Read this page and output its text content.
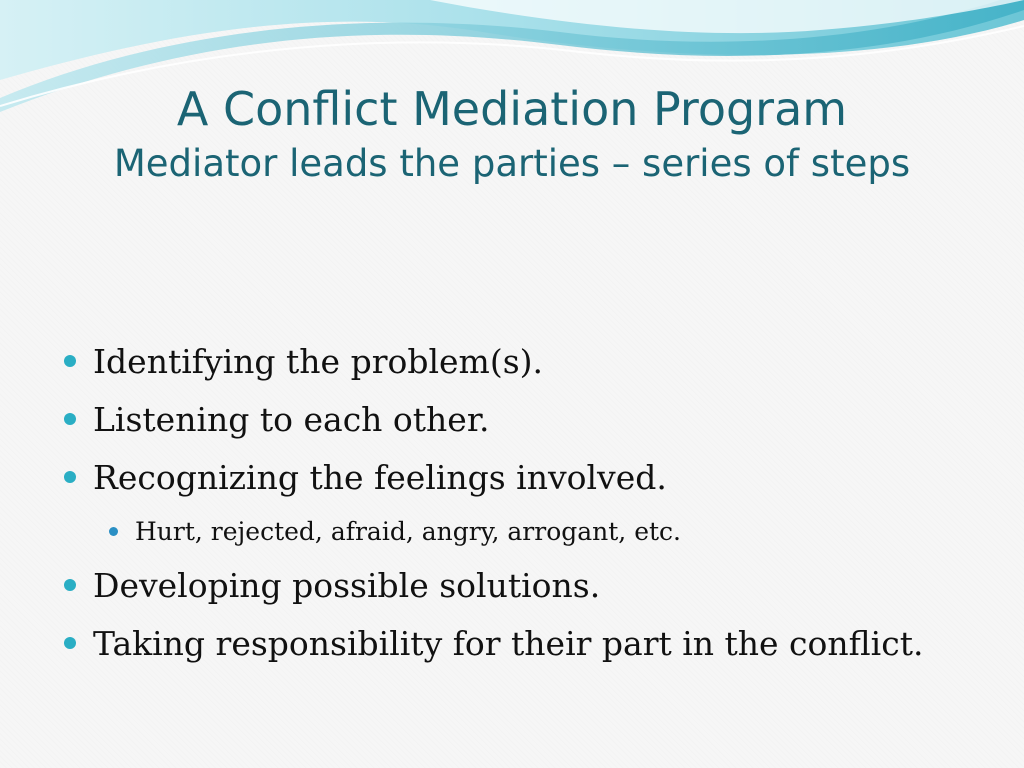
A Conflict Mediation Program
Mediator leads the parties – series of steps
Identifying the problem(s).
Listening to each other.
Recognizing the feelings involved.
Hurt, rejected, afraid, angry, arrogant, etc.
Developing possible solutions.
Taking responsibility for their part in the conflict.
